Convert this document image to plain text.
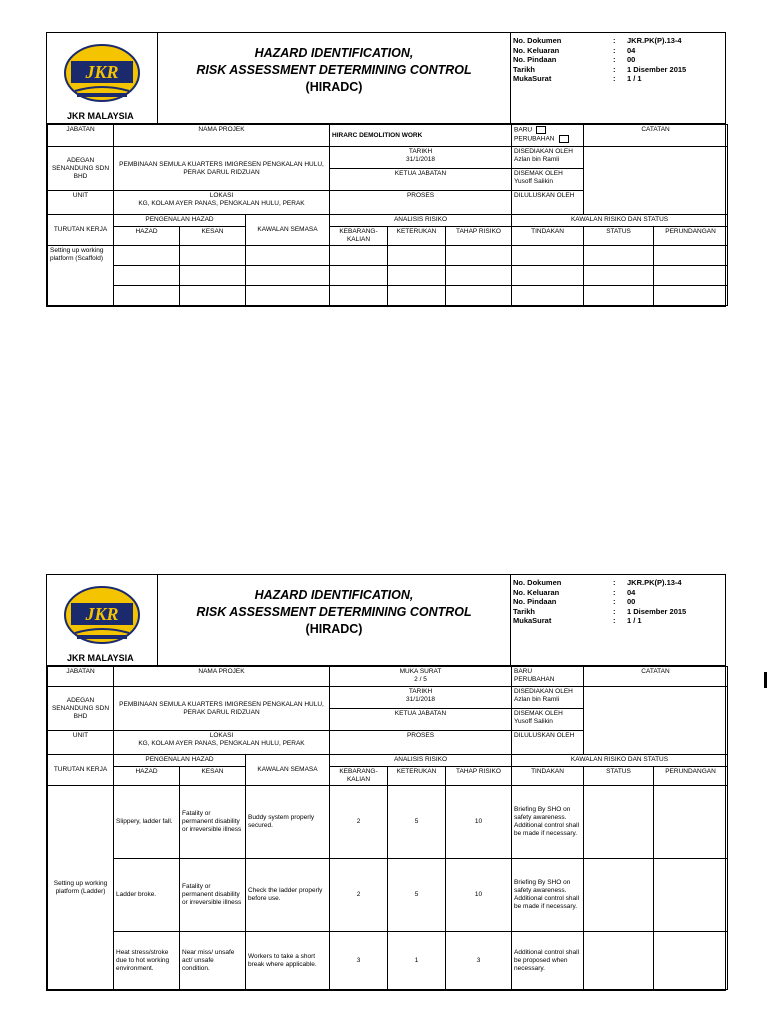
JKR
JKR MALAYSIA
HAZARD IDENTIFICATION,
RISK ASSESSMENT DETERMINING CONTROL
(HIRADC)
No. Dokumen	:	JKR.PK(P).13-4
No. Keluaran	:	04
No. Pindaan	:	00
Tarikh	:	1 Disember 2015
MukaSurat	:	1 / 1
JABATAN	NAMA PROJEK			HIRARC DEMOLITION WORK			BARU
PERUBAHAN	CATATAN	
ADEGAN SENANDUNG SDN BHD	PEMBINAAN SEMULA KUARTERS IMIGRESEN PENGKALAN HULU, PERAK DARUL RIDZUAN			TARIKH
31/1/2018			DISEDIAKAN OLEH
Azlan bin Ramli		
				KETUA JABATAN			DISEMAK OLEH
Yusoff Salikin		
UNIT	LOKASI
KG, KOLAM AYER PANAS, PENGKALAN HULU, PERAK			PROSES			DILULUSKAN OLEH		
TURUTAN KERJA	PENGENALAN HAZAD		KAWALAN SEMASA	ANALISIS RISIKO			KAWALAN RISIKO DAN STATUS		
	HAZAD	KESAN		KEBARANG-KALIAN	KETERUKAN	TAHAP RISIKO	TINDAKAN	STATUS	PERUNDANGAN
Setting up working platform (Scaffold)									

JKR
JKR MALAYSIA
HAZARD IDENTIFICATION,
RISK ASSESSMENT DETERMINING CONTROL
(HIRADC)
No. Dokumen	:	JKR.PK(P).13-4
No. Keluaran	:	04
No. Pindaan	:	00
Tarikh	:	1 Disember 2015
MukaSurat	:	1 / 1
JABATAN	NAMA PROJEK			MUKA SURAT
2 / 5			BARU
PERUBAHAN	CATATAN	
ADEGAN SENANDUNG SDN BHD	PEMBINAAN SEMULA KUARTERS IMIGRESEN PENGKALAN HULU, PERAK DARUL RIDZUAN			TARIKH
31/1/2018			DISEDIAKAN OLEH
Azlan bin Ramli		
				KETUA JABATAN			DISEMAK OLEH
Yusoff Salikin		
UNIT	LOKASI
KG, KOLAM AYER PANAS, PENGKALAN HULU, PERAK			PROSES			DILULUSKAN OLEH		
TURUTAN KERJA	PENGENALAN HAZAD		KAWALAN SEMASA	ANALISIS RISIKO			KAWALAN RISIKO DAN STATUS		
	HAZAD	KESAN		KEBARANG-KALIAN	KETERUKAN	TAHAP RISIKO	TINDAKAN	STATUS	PERUNDANGAN
Setting up working platform (Ladder)	Slippery, ladder fall.	Fatality or permanent disability or irreversible illness	Buddy system properly secured.	2	5	10	Briefing By SHO on safety awareness. Additional control shall be made if necessary.		
	Ladder broke.	Fatality or permanent disability or irreversible illness	Check the ladder properly before use.	2	5	10	Briefing By SHO on safety awareness. Additional control shall be made if necessary.		
	Heat stress/stroke due to hot working environment.	Near miss/ unsafe act/ unsafe condition.	Workers to take a short break where applicable.	3	1	3	Additional control shall be proposed when necessary.		
